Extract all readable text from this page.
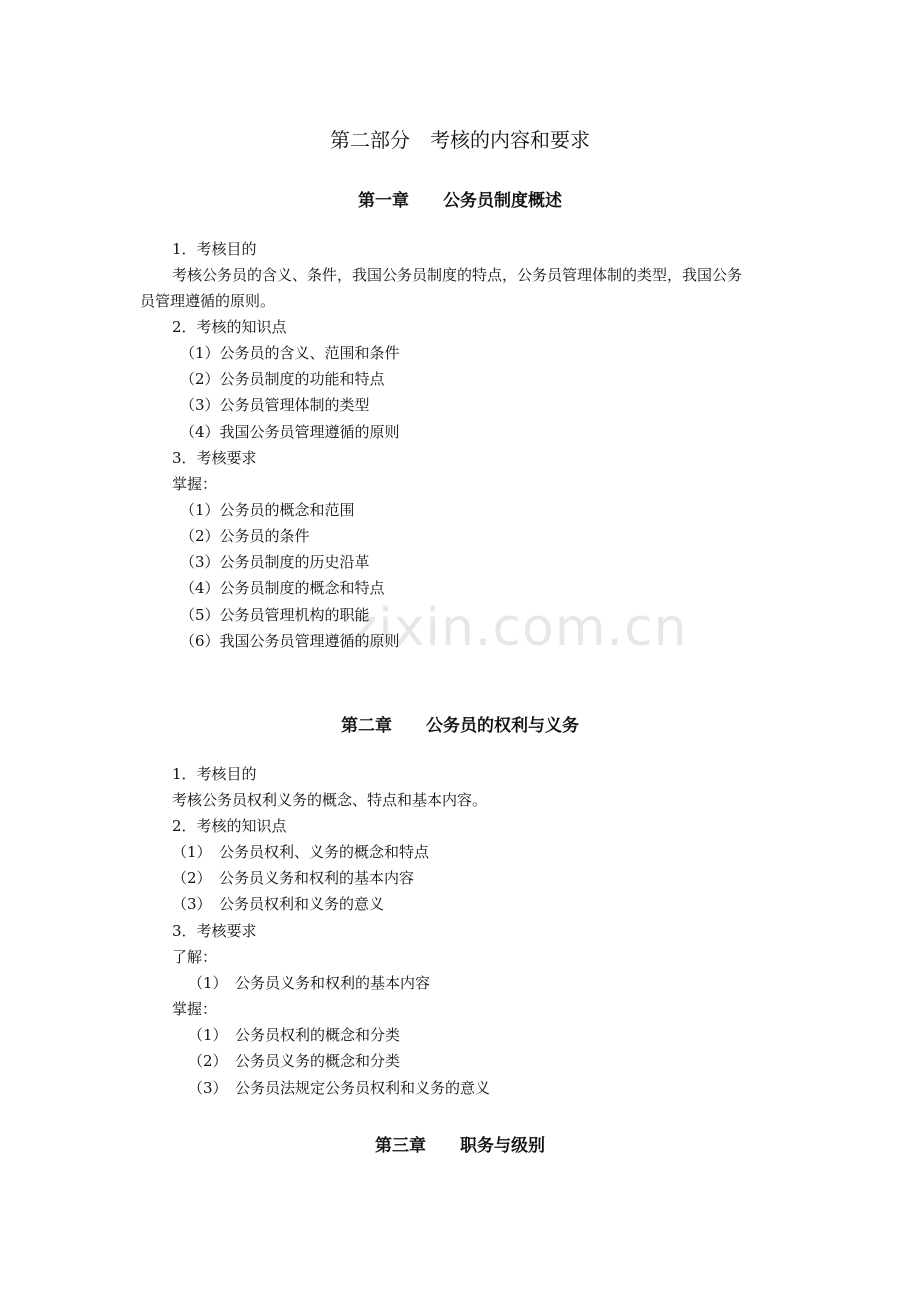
第二部分　考核的内容和要求
第一章　　公务员制度概述
1．考核目的
考核公务员的含义、条件，我国公务员制度的特点，公务员管理体制的类型，我国公务
员管理遵循的原则。
2．考核的知识点
（1）公务员的含义、范围和条件
（2）公务员制度的功能和特点
（3）公务员管理体制的类型
（4）我国公务员管理遵循的原则
3．考核要求
掌握：
（1）公务员的概念和范围
（2）公务员的条件
（3）公务员制度的历史沿革
（4）公务员制度的概念和特点
（5）公务员管理机构的职能
（6）我国公务员管理遵循的原则
zixin.com.cn
第二章　　公务员的权利与义务
1．考核目的
考核公务员权利义务的概念、特点和基本内容。
2．考核的知识点
（1）　公务员权利、义务的概念和特点
（2）　公务员义务和权利的基本内容
（3）　公务员权利和义务的意义
3．考核要求
了解：
（1）　公务员义务和权利的基本内容
掌握：
（1）　公务员权利的概念和分类
（2）　公务员义务的概念和分类
（3）　公务员法规定公务员权利和义务的意义
第三章　　职务与级别
